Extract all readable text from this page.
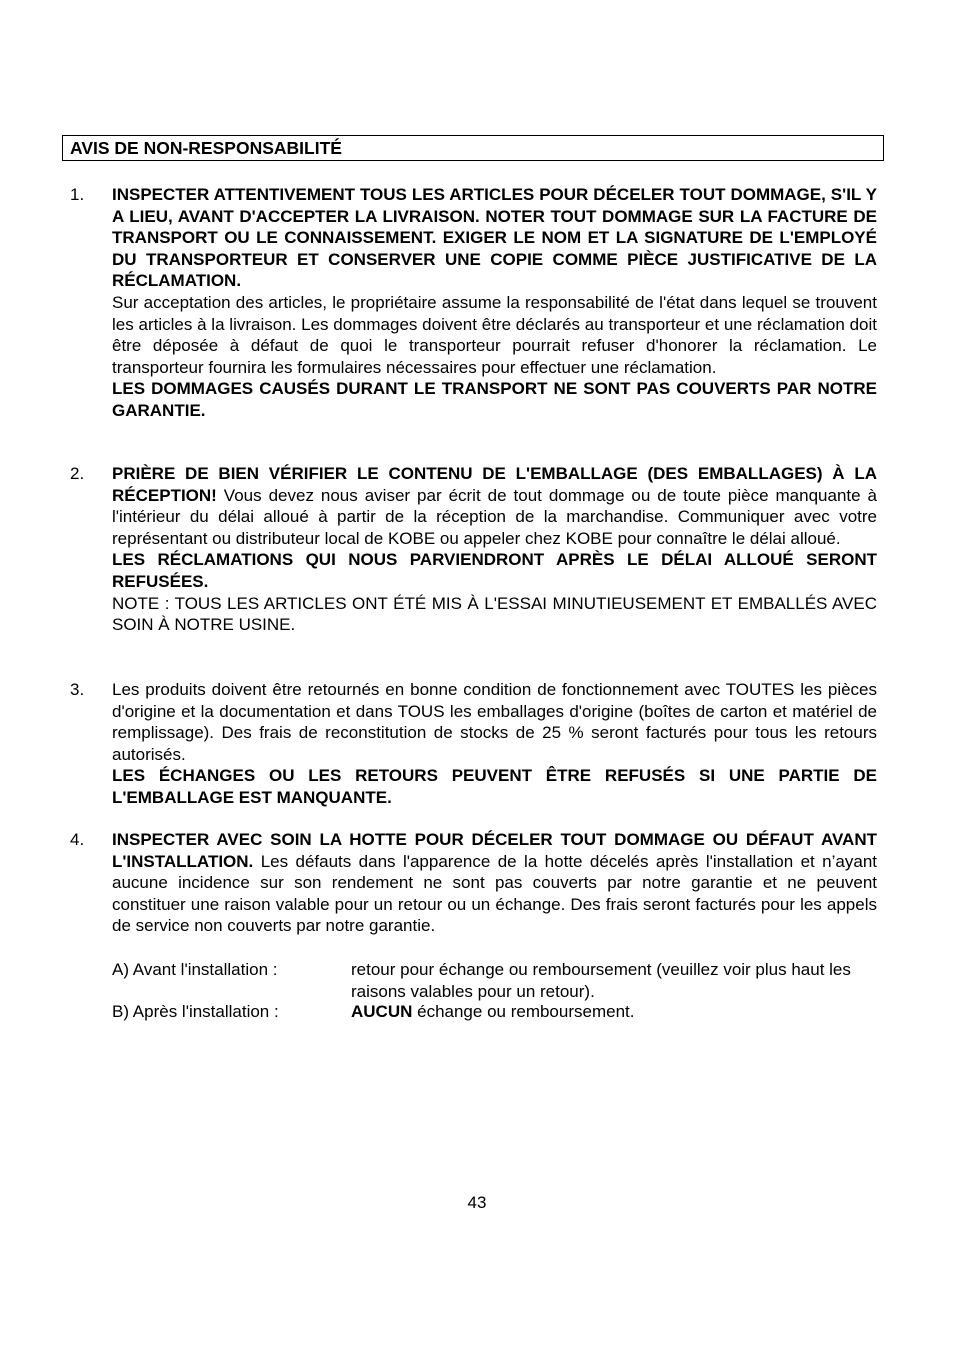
AVIS DE NON-RESPONSABILITÉ
1. INSPECTER ATTENTIVEMENT TOUS LES ARTICLES POUR DÉCELER TOUT DOMMAGE, S'IL Y A LIEU, AVANT D'ACCEPTER LA LIVRAISON. NOTER TOUT DOMMAGE SUR LA FACTURE DE TRANSPORT OU LE CONNAISSEMENT. EXIGER LE NOM ET LA SIGNATURE DE L'EMPLOYÉ DU TRANSPORTEUR ET CONSERVER UNE COPIE COMME PIÈCE JUSTIFICATIVE DE LA RÉCLAMATION.

Sur acceptation des articles, le propriétaire assume la responsabilité de l'état dans lequel se trouvent les articles à la livraison. Les dommages doivent être déclarés au transporteur et une réclamation doit être déposée à défaut de quoi le transporteur pourrait refuser d'honorer la réclamation. Le transporteur fournira les formulaires nécessaires pour effectuer une réclamation.

LES DOMMAGES CAUSÉS DURANT LE TRANSPORT NE SONT PAS COUVERTS PAR NOTRE GARANTIE.

2. PRIÈRE DE BIEN VÉRIFIER LE CONTENU DE L'EMBALLAGE (DES EMBALLAGES) À LA RÉCEPTION! Vous devez nous aviser par écrit de tout dommage ou de toute pièce manquante à l'intérieur du délai alloué à partir de la réception de la marchandise. Communiquer avec votre représentant ou distributeur local de KOBE ou appeler chez KOBE pour connaître le délai alloué.

LES RÉCLAMATIONS QUI NOUS PARVIENDRONT APRÈS LE DÉLAI ALLOUÉ SERONT REFUSÉES.

NOTE : TOUS LES ARTICLES ONT ÉTÉ MIS À L'ESSAI MINUTIEUSEMENT ET EMBALLÉS AVEC SOIN À NOTRE USINE.

3. Les produits doivent être retournés en bonne condition de fonctionnement avec TOUTES les pièces d'origine et la documentation et dans TOUS les emballages d'origine (boîtes de carton et matériel de remplissage). Des frais de reconstitution de stocks de 25 % seront facturés pour tous les retours autorisés.

LES ÉCHANGES OU LES RETOURS PEUVENT ÊTRE REFUSÉS SI UNE PARTIE DE L'EMBALLAGE EST MANQUANTE.

4. INSPECTER AVEC SOIN LA HOTTE POUR DÉCELER TOUT DOMMAGE OU DÉFAUT AVANT L'INSTALLATION. Les défauts dans l'apparence de la hotte décelés après l'installation et n’ayant aucune incidence sur son rendement ne sont pas couverts par notre garantie et ne peuvent constituer une raison valable pour un retour ou un échange. Des frais seront facturés pour les appels de service non couverts par notre garantie.

A) Avant l'installation :	retour pour échange ou remboursement (veuillez voir plus haut les raisons valables pour un retour).
B) Après l'installation :	AUCUN échange ou remboursement.
43
